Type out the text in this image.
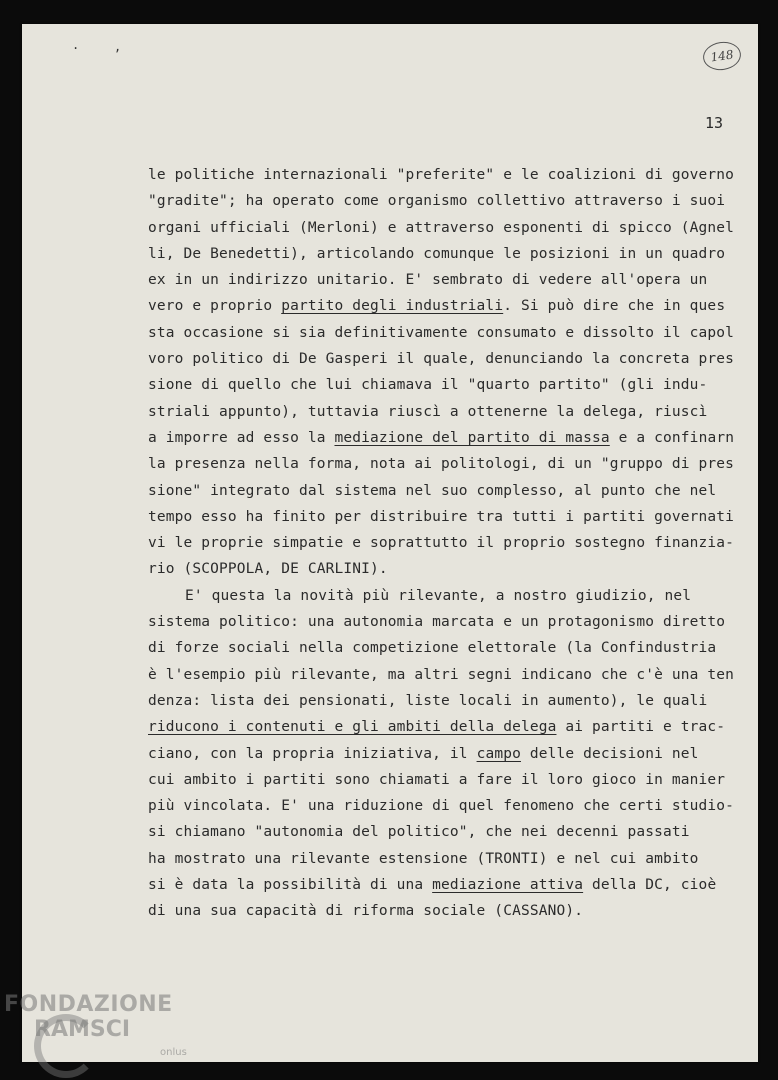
.	,
148
13
le politiche internazionali "preferite" e le coalizioni di governo
"gradite"; ha operato come organismo collettivo attraverso i suoi
organi ufficiali (Merloni) e attraverso esponenti di spicco (Agnel
li, De Benedetti), articolando comunque le posizioni in un quadro
ex in un indirizzo unitario. E' sembrato di vedere all'opera un
vero e proprio partito degli industriali. Si può dire che in ques
sta occasione si sia definitivamente consumato e dissolto il capol
voro politico di De Gasperi il quale, denunciando la concreta pres
sione di quello che lui chiamava il "quarto partito" (gli indu-
striali appunto), tuttavia riuscì a ottenerne la delega, riuscì
a imporre ad esso la mediazione del partito di massa e a confinarn
la presenza nella forma, nota ai politologi, di un "gruppo di pres
sione" integrato dal sistema nel suo complesso, al punto che nel
tempo esso ha finito per distribuire tra tutti i partiti governati
vi le proprie simpatie e soprattutto il proprio sostegno finanzia-
rio (SCOPPOLA, DE CARLINI).
E' questa la novità più rilevante, a nostro giudizio, nel
sistema politico: una autonomia marcata e un protagonismo diretto
di forze sociali nella competizione elettorale (la Confindustria
è l'esempio più rilevante, ma altri segni indicano che c'è una ten
denza: lista dei pensionati, liste locali in aumento), le quali
riducono i contenuti e gli ambiti della delega ai partiti e trac-
ciano, con la propria iniziativa, il campo delle decisioni nel
cui ambito i partiti sono chiamati a fare il loro gioco in manier
più vincolata. E' una riduzione di quel fenomeno che certi studio-
si chiamano "autonomia del politico", che nei decenni passati
ha mostrato una rilevante estensione (TRONTI) e nel cui ambito
si è data la possibilità di una mediazione attiva della DC, cioè
di una sua capacità di riforma sociale (CASSANO).
FONDAZIONE
RAMSCI
onlus
